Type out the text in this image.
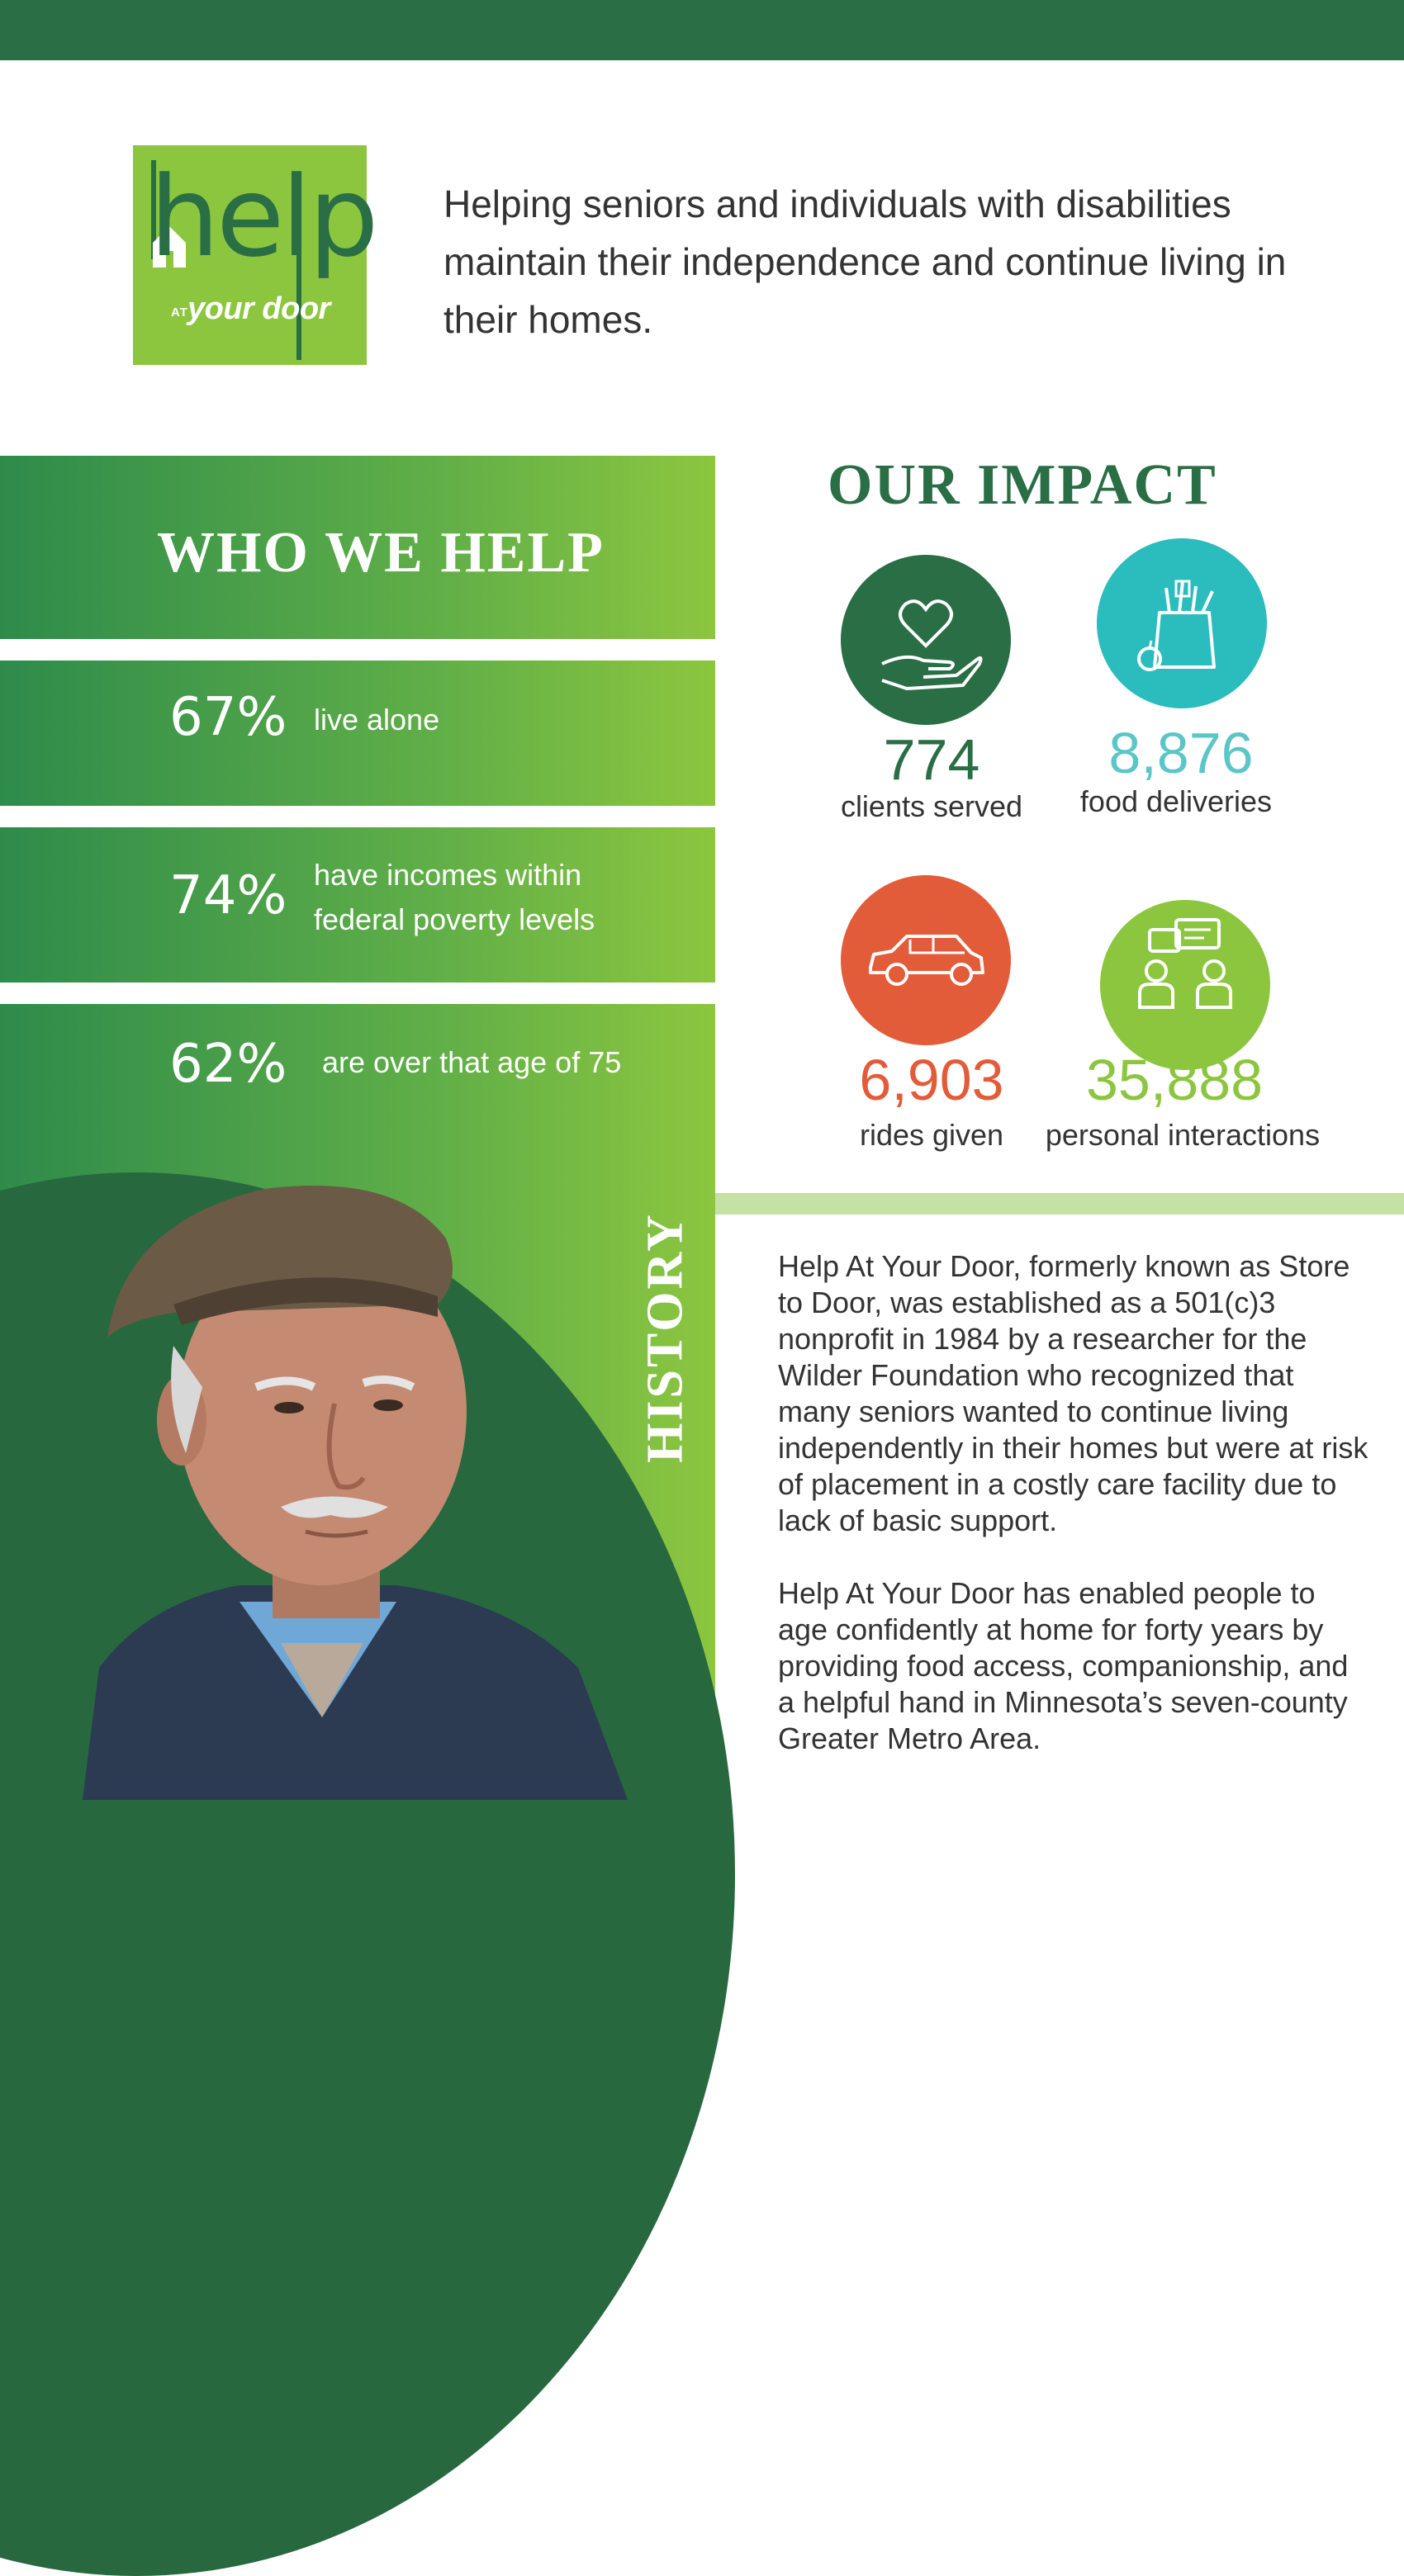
help
AT your door
Helping seniors and individuals with disabilities maintain their independence and continue living in their homes.
WHO WE HELP
67% live alone
74% have incomes within federal poverty levels
62% are over that age of 75
HISTORY
OUR IMPACT
774
clients served
8,876
food deliveries
6,903
rides given
35,888
personal interactions

Help At Your Door, formerly known as Store to Door, was established as a 501(c)3 nonprofit in 1984 by a researcher for the Wilder Foundation who recognized that many seniors wanted to continue living independently in their homes but were at risk of placement in a costly care facility due to lack of basic support.

Help At Your Door has enabled people to age confidently at home for forty years by providing food access, companionship, and a helpful hand in Minnesota’s seven-county Greater Metro Area.
